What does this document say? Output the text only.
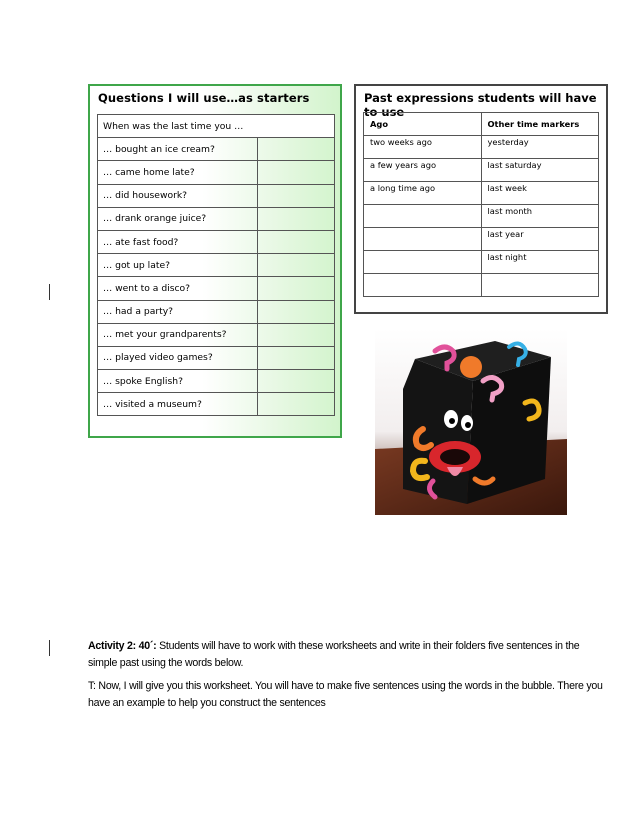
Questions I will use…as starters
When was the last time you …	
… bought an ice cream?	
… came home late?	
… did housework?	
… drank orange juice?	
… ate fast food?	
… got up late?	
… went to a disco?	
… had a party?	
… met your grandparents?	
… played video games?	
… spoke English?	
… visited a museum?	
Past expressions students will have to use
Ago	Other time markers
two weeks ago	yesterday
a few years ago	last saturday
a long time ago	last week
	last month
	last year
	last night

Activity 2: 40´: Students will have to work with these worksheets and write in their folders five sentences in the simple past using the words below.

T: Now, I will give you this worksheet. You will have to make five sentences using the words in the bubble. There you have an example to help you construct the sentences
